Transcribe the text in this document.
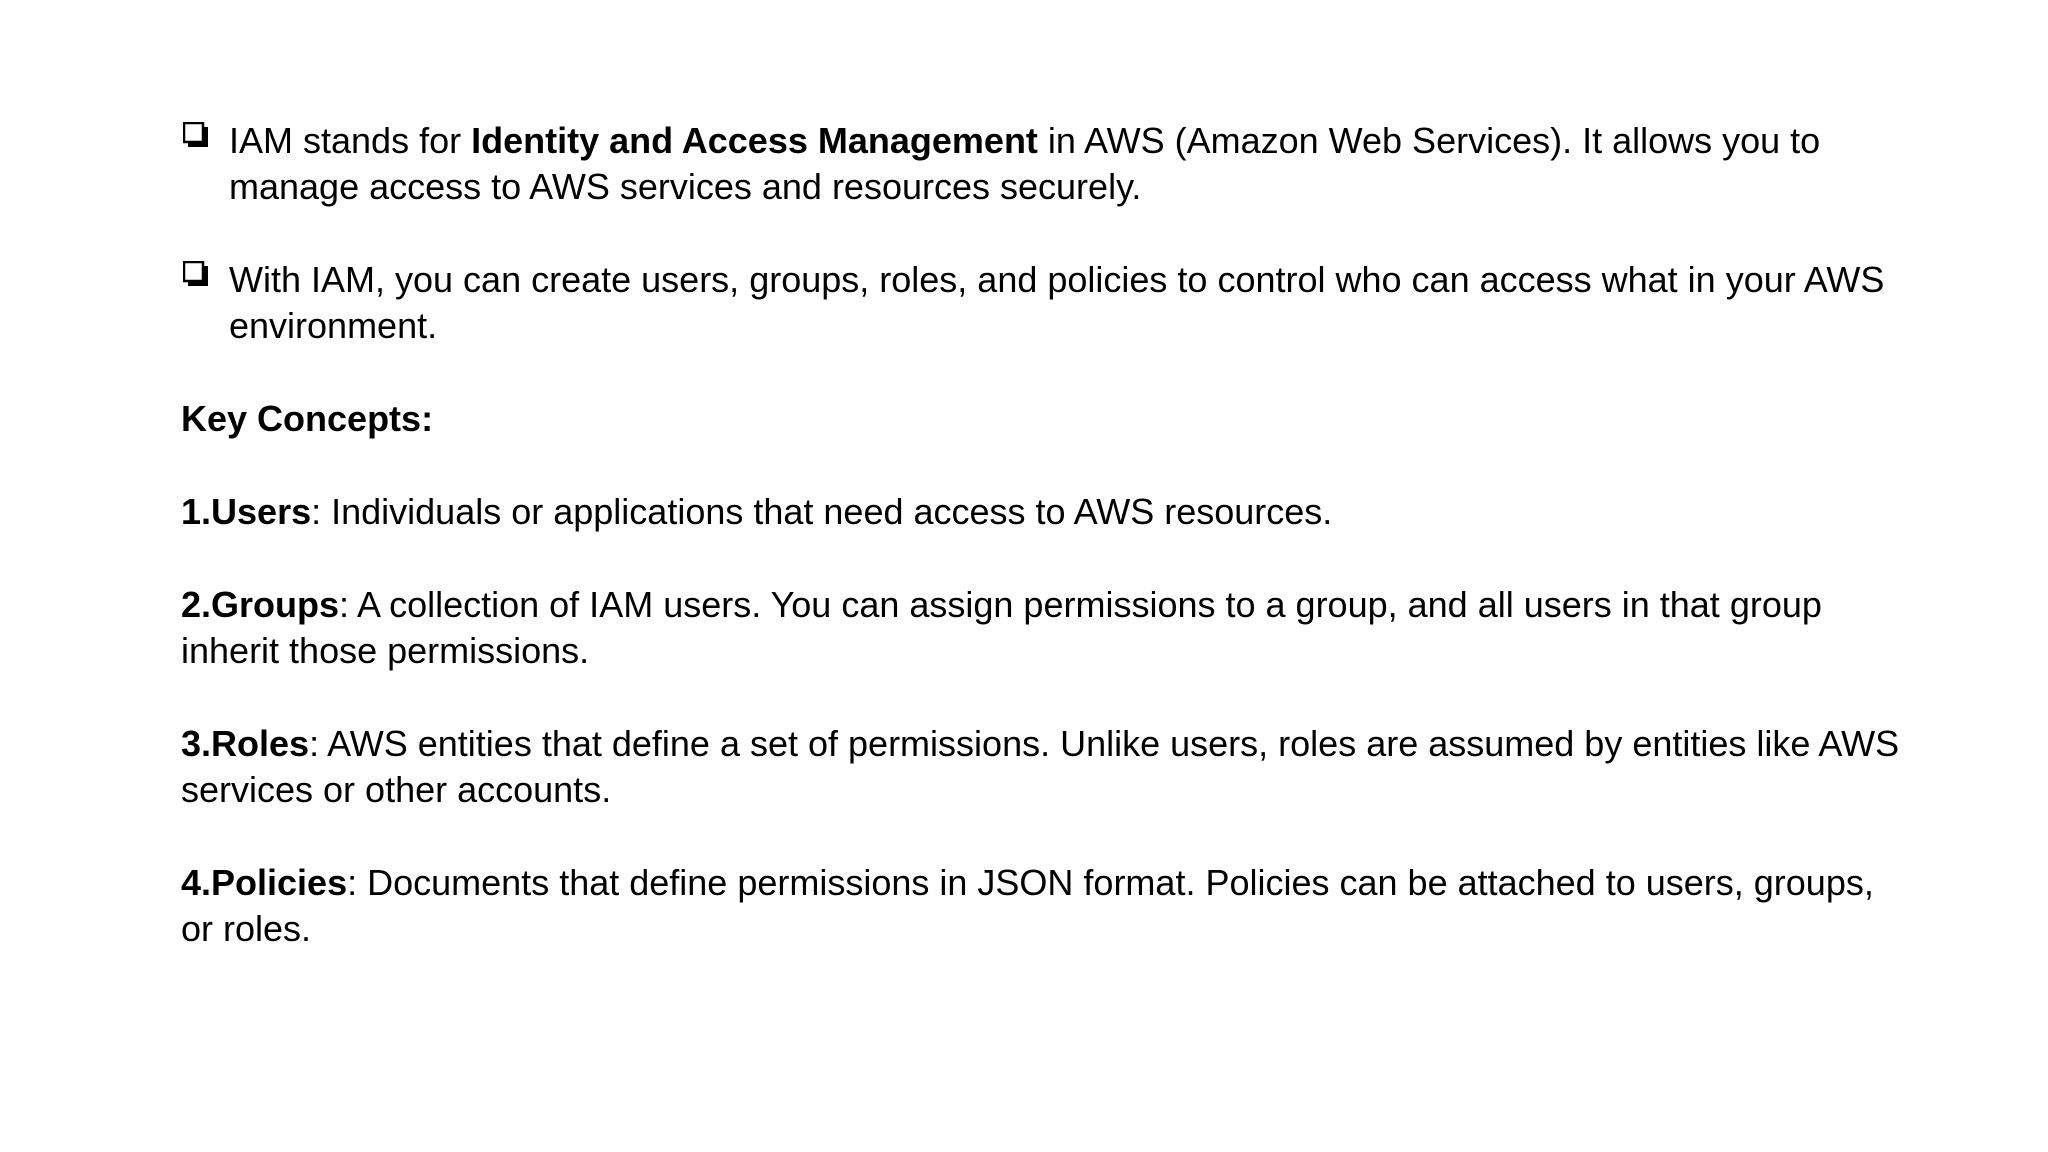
IAM stands for Identity and Access Management in AWS (Amazon Web Services). It allows you to manage access to AWS services and resources securely.
With IAM, you can create users, groups, roles, and policies to control who can access what in your AWS environment.

Key Concepts:

1.Users: Individuals or applications that need access to AWS resources.

2.Groups: A collection of IAM users. You can assign permissions to a group, and all users in that group inherit those permissions.

3.Roles: AWS entities that define a set of permissions. Unlike users, roles are assumed by entities like AWS services or other accounts.

4.Policies: Documents that define permissions in JSON format. Policies can be attached to users, groups, or roles.
